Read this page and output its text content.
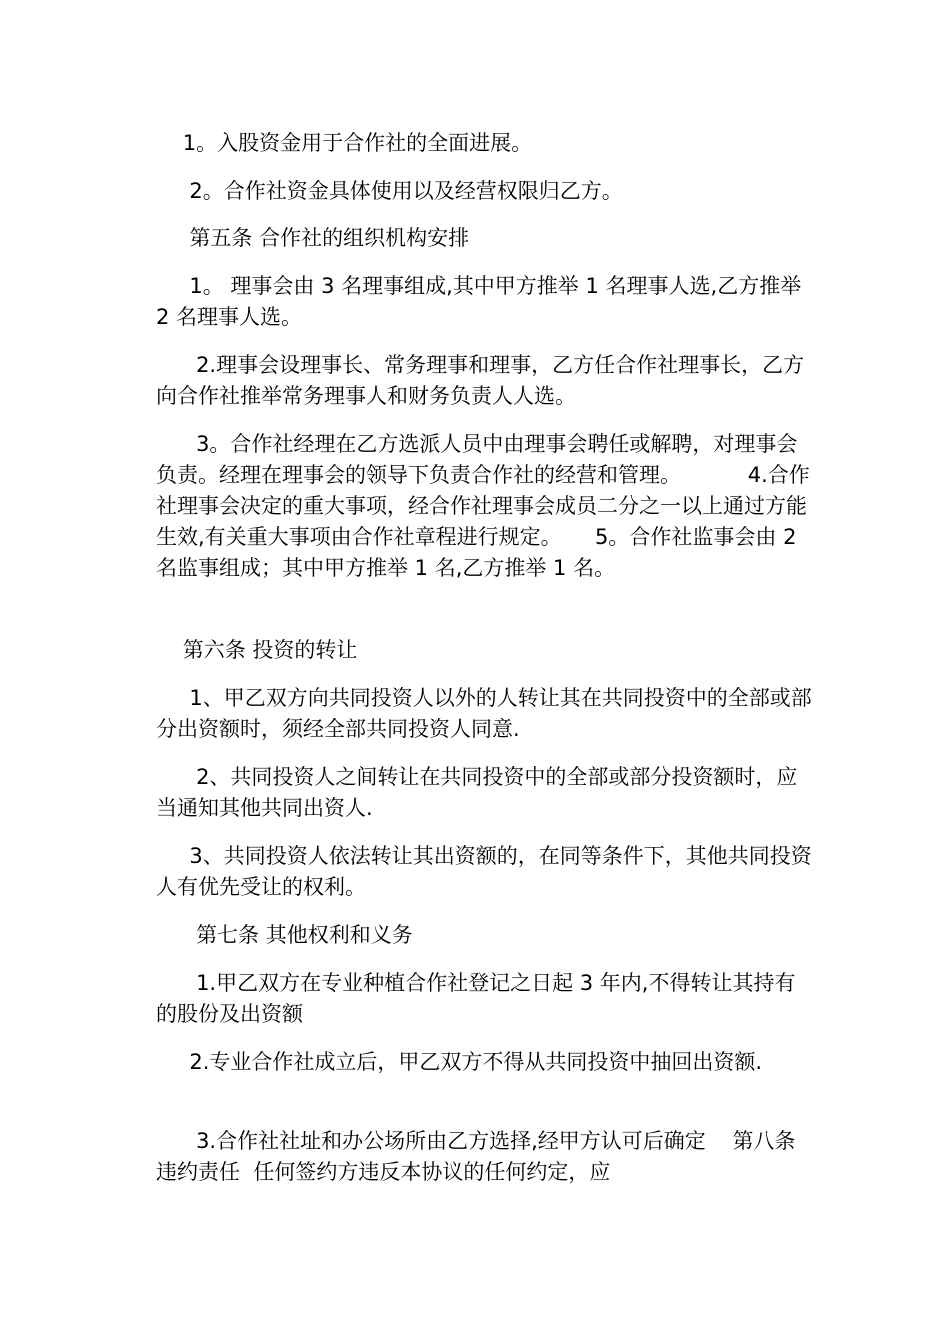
1。入股资金用于合作社的全面进展。

2。合作社资金具体使用以及经营权限归乙方。

第五条 合作社的组织机构安排

1。 理事会由 3 名理事组成,其中甲方推举 1 名理事人选,乙方推举 2 名理事人选。

2.理事会设理事长、常务理事和理事，乙方任合作社理事长，乙方向合作社推举常务理事人和财务负责人人选。

3。合作社经理在乙方选派人员中由理事会聘任或解聘，对理事会负责。经理在理事会的领导下负责合作社的经营和管理。          4.合作社理事会决定的重大事项，经合作社理事会成员二分之一以上通过方能生效,有关重大事项由合作社章程进行规定。     5。合作社监事会由 2 名监事组成；其中甲方推举 1 名,乙方推举 1 名。

第六条 投资的转让

1、甲乙双方向共同投资人以外的人转让其在共同投资中的全部或部分出资额时，须经全部共同投资人同意.

2、共同投资人之间转让在共同投资中的全部或部分投资额时，应当通知其他共同出资人.

3、共同投资人依法转让其出资额的，在同等条件下，其他共同投资人有优先受让的权利。

第七条 其他权利和义务

1.甲乙双方在专业种植合作社登记之日起 3 年内,不得转让其持有的股份及出资额

2.专业合作社成立后，甲乙双方不得从共同投资中抽回出资额.

3.合作社社址和办公场所由乙方选择,经甲方认可后确定    第八条 违约责任  任何签约方违反本协议的任何约定，应
